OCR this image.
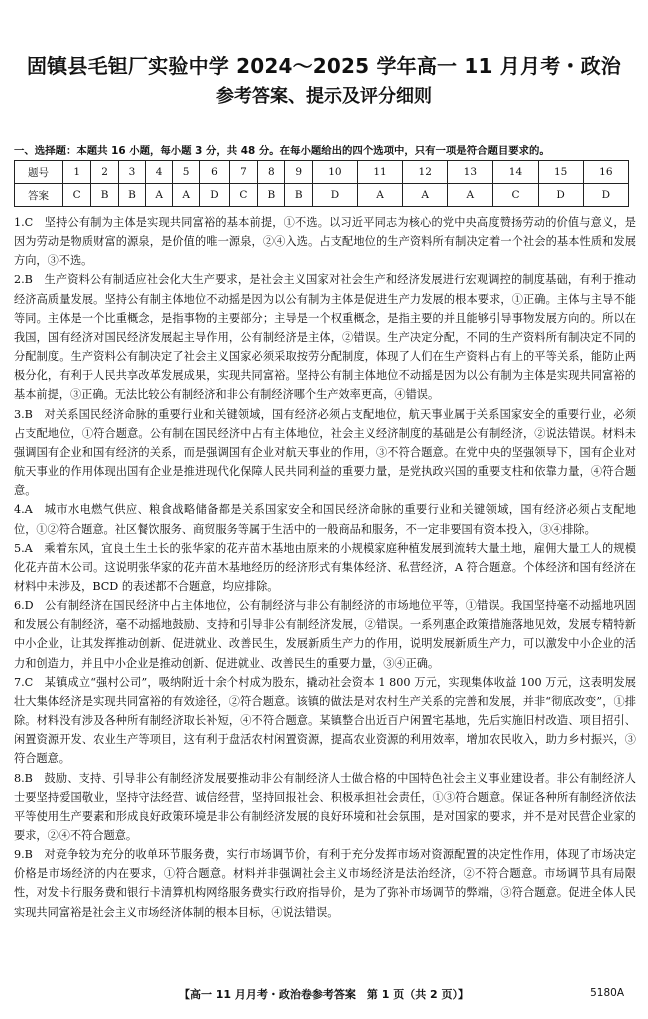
固镇县毛钽厂实验中学 2024～2025 学年高一 11 月月考・政治
参考答案、提示及评分细则
一、选择题：本题共 16 小题，每小题 3 分，共 48 分。在每小题给出的四个选项中，只有一项是符合题目要求的。
题号	1	2	3	4	5	6	7	8	9	10	11	12	13	14	15	16
答案	C	B	B	A	A	D	C	B	B	D	A	A	A	C	D	D

1.C　坚持公有制为主体是实现共同富裕的基本前提，①不选。以习近平同志为核心的党中央高度赞扬劳动的价值与意义，是因为劳动是物质财富的源泉，是价值的唯一源泉，②④入选。占支配地位的生产资料所有制决定着一个社会的基本性质和发展方向，③不选。

2.B　生产资料公有制适应社会化大生产要求，是社会主义国家对社会生产和经济发展进行宏观调控的制度基础，有利于推动经济高质量发展。坚持公有制主体地位不动摇是因为以公有制为主体是促进生产力发展的根本要求，①正确。主体与主导不能等同。主体是一个比重概念，是指事物的主要部分；主导是一个权重概念，是指主要的并且能够引导事物发展方向的。所以在我国，国有经济对国民经济发展起主导作用，公有制经济是主体，②错误。生产决定分配，不同的生产资料所有制决定不同的分配制度。生产资料公有制决定了社会主义国家必须采取按劳分配制度，体现了人们在生产资料占有上的平等关系，能防止两极分化，有利于人民共享改革发展成果，实现共同富裕。坚持公有制主体地位不动摇是因为以公有制为主体是实现共同富裕的基本前提，③正确。无法比较公有制经济和非公有制经济哪个生产效率更高，④错误。

3.B　对关系国民经济命脉的重要行业和关键领域，国有经济必须占支配地位，航天事业属于关系国家安全的重要行业，必须占支配地位，①符合题意。公有制在国民经济中占有主体地位，社会主义经济制度的基础是公有制经济，②说法错误。材料未强调国有企业和国有经济的关系，而是强调国有企业对航天事业的作用，③不符合题意。在党中央的坚强领导下，国有企业对航天事业的作用体现出国有企业是推进现代化保障人民共同利益的重要力量，是党执政兴国的重要支柱和依靠力量，④符合题意。

4.A　城市水电燃气供应、粮食战略储备都是关系国家安全和国民经济命脉的重要行业和关键领域，国有经济必须占支配地位，①②符合题意。社区餐饮服务、商贸服务等属于生活中的一般商品和服务，不一定非要国有资本投入，③④排除。

5.A　乘着东风，宜良土生土长的张华家的花卉苗木基地由原来的小规模家庭种植发展到流转大量土地，雇佣大量工人的规模化花卉苗木公司。这说明张华家的花卉苗木基地经历的经济形式有集体经济、私营经济，A 符合题意。个体经济和国有经济在材料中未涉及，BCD 的表述都不合题意，均应排除。

6.D　公有制经济在国民经济中占主体地位，公有制经济与非公有制经济的市场地位平等，①错误。我国坚持毫不动摇地巩固和发展公有制经济，毫不动摇地鼓励、支持和引导非公有制经济发展，②错误。一系列惠企政策措施落地见效，发展专精特新中小企业，让其发挥推动创新、促进就业、改善民生，发展新质生产力的作用，说明发展新质生产力，可以激发中小企业的活力和创造力，并且中小企业是推动创新、促进就业、改善民生的重要力量，③④正确。

7.C　某镇成立“强村公司”，吸纳附近十余个村成为股东，撬动社会资本 1 800 万元，实现集体收益 100 万元，这表明发展壮大集体经济是实现共同富裕的有效途径，②符合题意。该镇的做法是对农村生产关系的完善和发展，并非“彻底改变”，①排除。材料没有涉及各种所有制经济取长补短，④不符合题意。某镇整合出近百户闲置宅基地，先后实施旧村改造、项目招引、闲置资源开发、农业生产等项目，这有利于盘活农村闲置资源，提高农业资源的利用效率，增加农民收入，助力乡村振兴，③符合题意。

8.B　鼓励、支持、引导非公有制经济发展要推动非公有制经济人士做合格的中国特色社会主义事业建设者。非公有制经济人士要坚持爱国敬业，坚持守法经营、诚信经营，坚持回报社会、积极承担社会责任，①③符合题意。保证各种所有制经济依法平等使用生产要素和形成良好政策环境是非公有制经济发展的良好环境和社会氛围，是对国家的要求，并不是对民营企业家的要求，②④不符合题意。

9.B　对竞争较为充分的收单环节服务费，实行市场调节价，有利于充分发挥市场对资源配置的决定性作用，体现了市场决定价格是市场经济的内在要求，①符合题意。材料并非强调社会主义市场经济是法治经济，②不符合题意。市场调节具有局限性，对发卡行服务费和银行卡清算机构网络服务费实行政府指导价，是为了弥补市场调节的弊端，③符合题意。促进全体人民实现共同富裕是社会主义市场经济体制的根本目标，④说法错误。

【高一 11 月月考・政治卷参考答案　第 1 页（共 2 页）】	5180A
